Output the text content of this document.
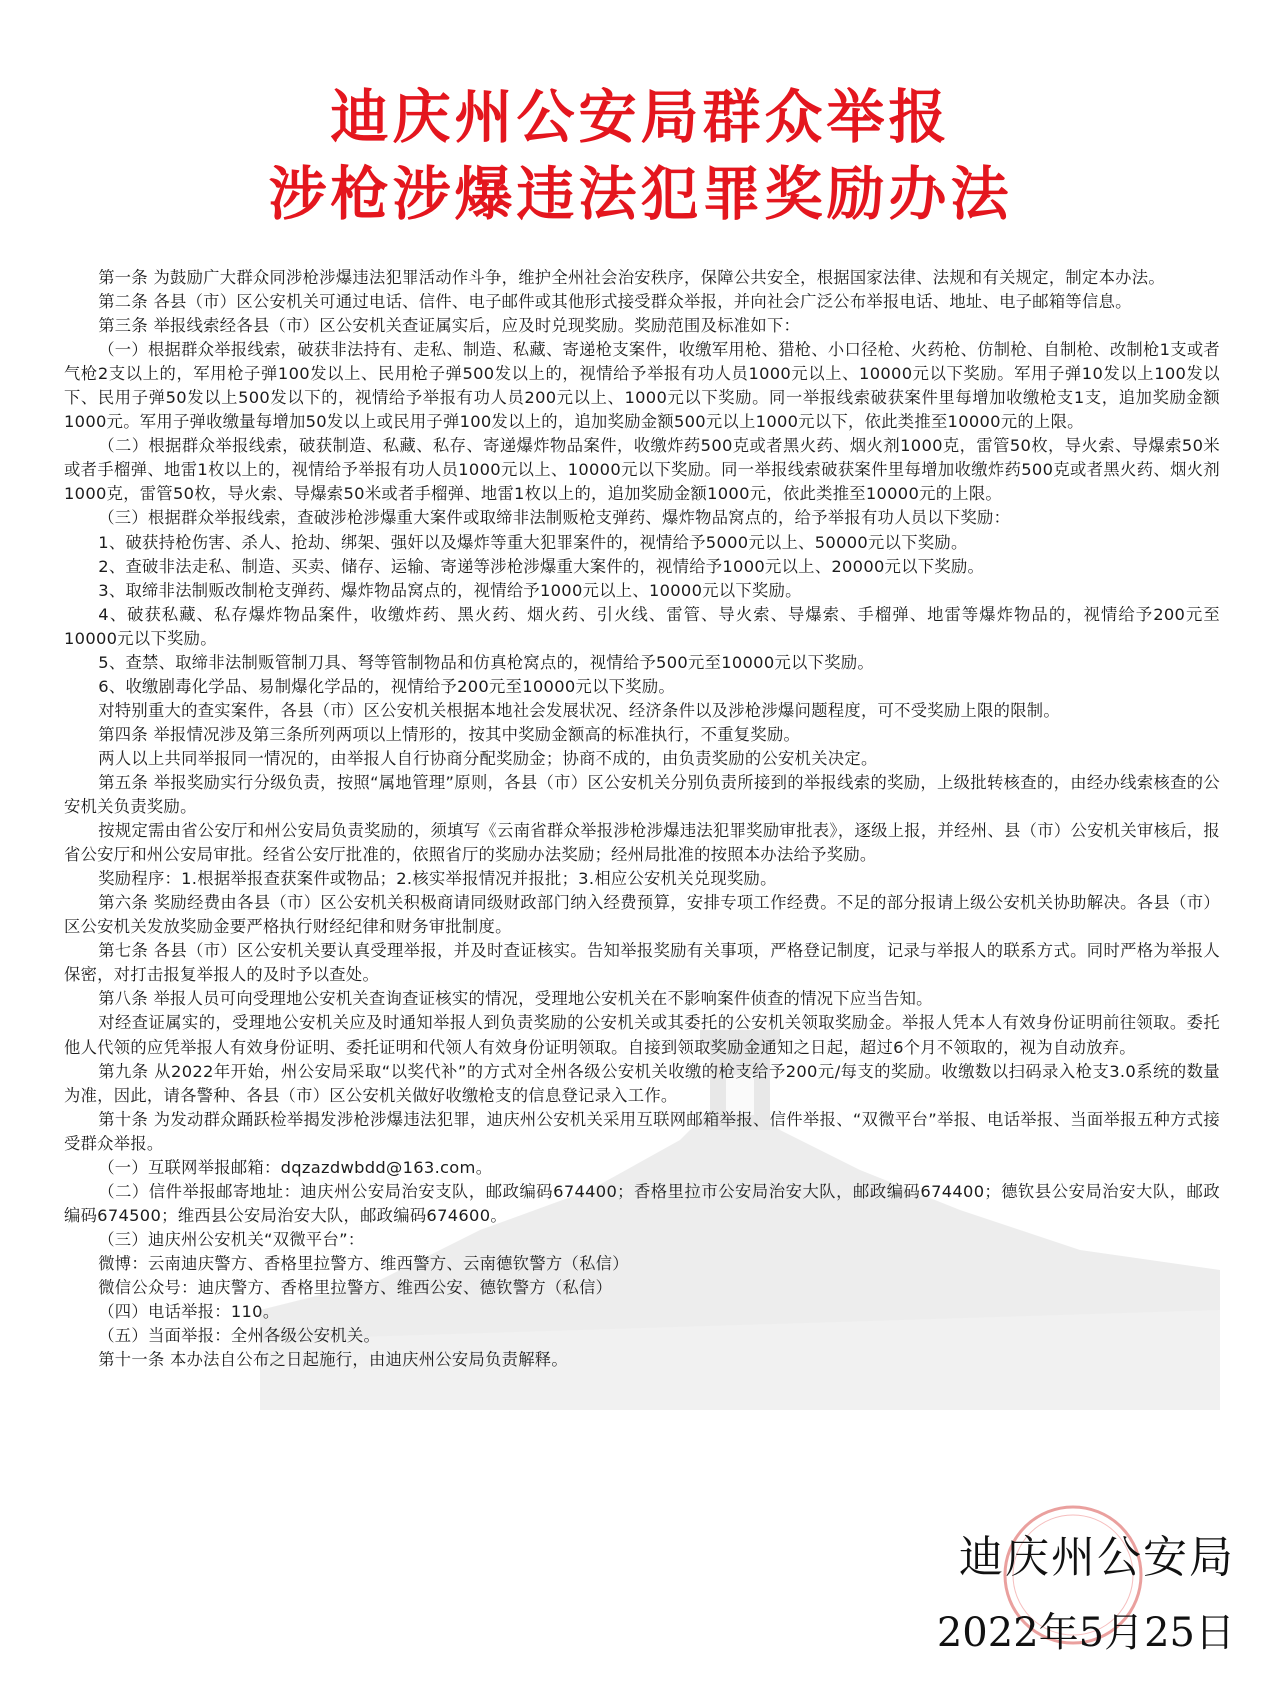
迪庆州公安局群众举报
涉枪涉爆违法犯罪奖励办法

第一条 为鼓励广大群众同涉枪涉爆违法犯罪活动作斗争，维护全州社会治安秩序，保障公共安全，根据国家法律、法规和有关规定，制定本办法。

第二条 各县（市）区公安机关可通过电话、信件、电子邮件或其他形式接受群众举报，并向社会广泛公布举报电话、地址、电子邮箱等信息。

第三条 举报线索经各县（市）区公安机关查证属实后，应及时兑现奖励。奖励范围及标准如下：

（一）根据群众举报线索，破获非法持有、走私、制造、私藏、寄递枪支案件，收缴军用枪、猎枪、小口径枪、火药枪、仿制枪、自制枪、改制枪1支或者气枪2支以上的，军用枪子弹100发以上、民用枪子弹500发以上的，视情给予举报有功人员1000元以上、10000元以下奖励。军用子弹10发以上100发以下、民用子弹50发以上500发以下的，视情给予举报有功人员200元以上、1000元以下奖励。同一举报线索破获案件里每增加收缴枪支1支，追加奖励金额1000元。军用子弹收缴量每增加50发以上或民用子弹100发以上的，追加奖励金额500元以上1000元以下，依此类推至10000元的上限。

（二）根据群众举报线索，破获制造、私藏、私存、寄递爆炸物品案件，收缴炸药500克或者黑火药、烟火剂1000克，雷管50枚，导火索、导爆索50米或者手榴弹、地雷1枚以上的，视情给予举报有功人员1000元以上、10000元以下奖励。同一举报线索破获案件里每增加收缴炸药500克或者黑火药、烟火剂1000克，雷管50枚，导火索、导爆索50米或者手榴弹、地雷1枚以上的，追加奖励金额1000元，依此类推至10000元的上限。

（三）根据群众举报线索，查破涉枪涉爆重大案件或取缔非法制贩枪支弹药、爆炸物品窝点的，给予举报有功人员以下奖励：

1、破获持枪伤害、杀人、抢劫、绑架、强奸以及爆炸等重大犯罪案件的，视情给予5000元以上、50000元以下奖励。

2、查破非法走私、制造、买卖、储存、运输、寄递等涉枪涉爆重大案件的，视情给予1000元以上、20000元以下奖励。

3、取缔非法制贩改制枪支弹药、爆炸物品窝点的，视情给予1000元以上、10000元以下奖励。

4、破获私藏、私存爆炸物品案件，收缴炸药、黑火药、烟火药、引火线、雷管、导火索、导爆索、手榴弹、地雷等爆炸物品的，视情给予200元至10000元以下奖励。

5、查禁、取缔非法制贩管制刀具、弩等管制物品和仿真枪窝点的，视情给予500元至10000元以下奖励。

6、收缴剧毒化学品、易制爆化学品的，视情给予200元至10000元以下奖励。

对特别重大的查实案件，各县（市）区公安机关根据本地社会发展状况、经济条件以及涉枪涉爆问题程度，可不受奖励上限的限制。

第四条 举报情况涉及第三条所列两项以上情形的，按其中奖励金额高的标准执行，不重复奖励。

两人以上共同举报同一情况的，由举报人自行协商分配奖励金；协商不成的，由负责奖励的公安机关决定。

第五条 举报奖励实行分级负责，按照“属地管理”原则，各县（市）区公安机关分别负责所接到的举报线索的奖励，上级批转核查的，由经办线索核查的公安机关负责奖励。

按规定需由省公安厅和州公安局负责奖励的，须填写《云南省群众举报涉枪涉爆违法犯罪奖励审批表》，逐级上报，并经州、县（市）公安机关审核后，报省公安厅和州公安局审批。经省公安厅批准的，依照省厅的奖励办法奖励；经州局批准的按照本办法给予奖励。

奖励程序：1.根据举报查获案件或物品；2.核实举报情况并报批；3.相应公安机关兑现奖励。

第六条 奖励经费由各县（市）区公安机关积极商请同级财政部门纳入经费预算，安排专项工作经费。不足的部分报请上级公安机关协助解决。各县（市）区公安机关发放奖励金要严格执行财经纪律和财务审批制度。

第七条 各县（市）区公安机关要认真受理举报，并及时查证核实。告知举报奖励有关事项，严格登记制度，记录与举报人的联系方式。同时严格为举报人保密，对打击报复举报人的及时予以查处。

第八条 举报人员可向受理地公安机关查询查证核实的情况，受理地公安机关在不影响案件侦查的情况下应当告知。

对经查证属实的，受理地公安机关应及时通知举报人到负责奖励的公安机关或其委托的公安机关领取奖励金。举报人凭本人有效身份证明前往领取。委托他人代领的应凭举报人有效身份证明、委托证明和代领人有效身份证明领取。自接到领取奖励金通知之日起，超过6个月不领取的，视为自动放弃。

第九条 从2022年开始，州公安局采取“以奖代补”的方式对全州各级公安机关收缴的枪支给予200元/每支的奖励。收缴数以扫码录入枪支3.0系统的数量为准，因此，请各警种、各县（市）区公安机关做好收缴枪支的信息登记录入工作。

第十条 为发动群众踊跃检举揭发涉枪涉爆违法犯罪，迪庆州公安机关采用互联网邮箱举报、信件举报、“双微平台”举报、电话举报、当面举报五种方式接受群众举报。

（一）互联网举报邮箱：dqzazdwbdd@163.com。

（二）信件举报邮寄地址：迪庆州公安局治安支队，邮政编码674400；香格里拉市公安局治安大队，邮政编码674400；德钦县公安局治安大队，邮政编码674500；维西县公安局治安大队，邮政编码674600。

（三）迪庆州公安机关“双微平台”：

微博：云南迪庆警方、香格里拉警方、维西警方、云南德钦警方（私信）

微信公众号：迪庆警方、香格里拉警方、维西公安、德钦警方（私信）

（四）电话举报：110。

（五）当面举报：全州各级公安机关。

第十一条 本办法自公布之日起施行，由迪庆州公安局负责解释。

迪庆州公安局
2022年5月25日
